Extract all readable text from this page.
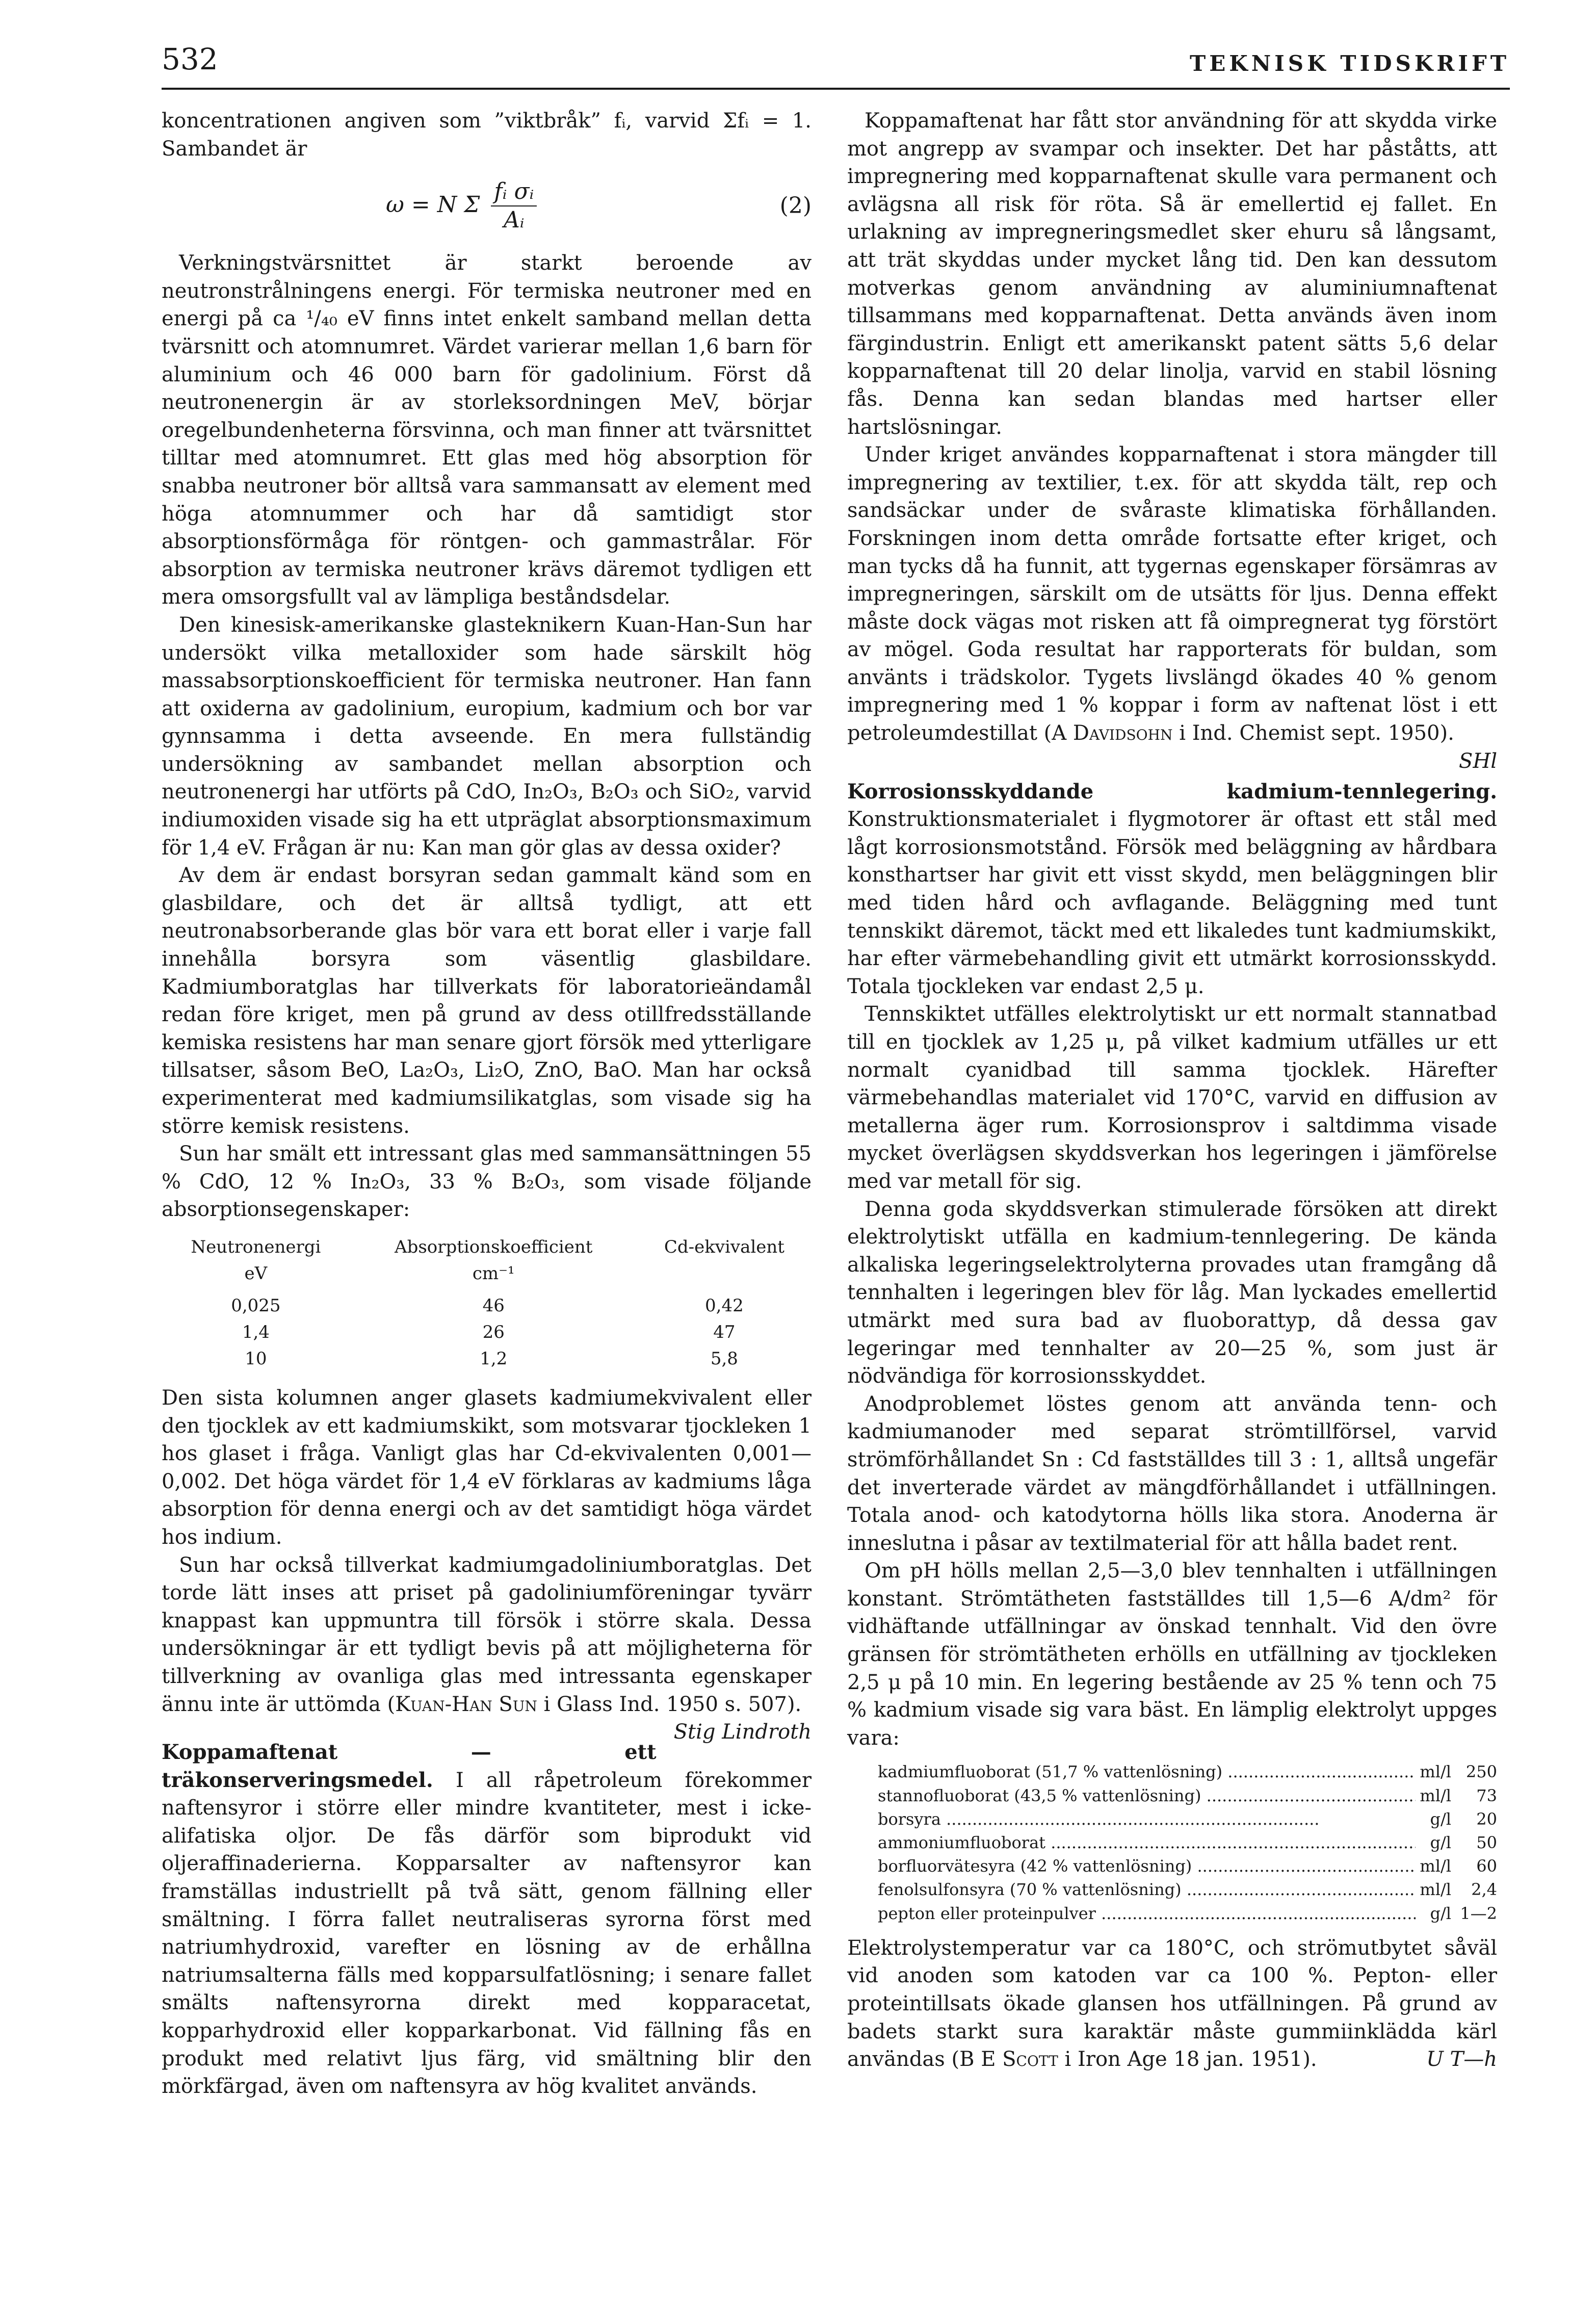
532	TEKNISK TIDSKRIFT

koncentrationen angiven som ”viktbråk” fᵢ, varvid Σfᵢ = 1. Sambandet är

ω = N Σ $\frac{\text{fᵢ σᵢ}}{\text{Aᵢ}}$	(2)

Verkningstvärsnittet är starkt beroende av neutronstrålningens energi. För termiska neutroner med en energi på ca ¹/₄₀ eV finns intet enkelt samband mellan detta tvärsnitt och atomnumret. Värdet varierar mellan 1,6 barn för aluminium och 46 000 barn för gadolinium. Först då neutronenergin är av storleksordningen MeV, börjar oregelbundenheterna försvinna, och man finner att tvärsnittet tilltar med atomnumret. Ett glas med hög absorption för snabba neutroner bör alltså vara sammansatt av element med höga atomnummer och har då samtidigt stor absorptionsförmåga för röntgen- och gammastrålar. För absorption av termiska neutroner krävs däremot tydligen ett mera omsorgsfullt val av lämpliga beståndsdelar.

Den kinesisk-amerikanske glasteknikern Kuan-Han-Sun har undersökt vilka metalloxider som hade särskilt hög massabsorptionskoefficient för termiska neutroner. Han fann att oxiderna av gadolinium, europium, kadmium och bor var gynnsamma i detta avseende. En mera fullständig undersökning av sambandet mellan absorption och neutronenergi har utförts på CdO, In₂O₃, B₂O₃ och SiO₂, varvid indiumoxiden visade sig ha ett utpräglat absorptionsmaximum för 1,4 eV. Frågan är nu: Kan man gör glas av dessa oxider?

Av dem är endast borsyran sedan gammalt känd som en glasbildare, och det är alltså tydligt, att ett neutronabsorberande glas bör vara ett borat eller i varje fall innehålla borsyra som väsentlig glasbildare. Kadmiumboratglas har tillverkats för laboratorieändamål redan före kriget, men på grund av dess otillfredsställande kemiska resistens har man senare gjort försök med ytterligare tillsatser, såsom BeO, La₂O₃, Li₂O, ZnO, BaO. Man har också experimenterat med kadmiumsilikatglas, som visade sig ha större kemisk resistens.

Sun har smält ett intressant glas med sammansättningen 55 % CdO, 12 % In₂O₃, 33 % B₂O₃, som visade följande absorptionsegenskaper:

Neutronenergi	Absorptionskoefficient	Cd-ekvivalent
eV	cm⁻¹	
0,025	46	0,42
1,4	26	47
10	1,2	5,8

Den sista kolumnen anger glasets kadmiumekvivalent eller den tjocklek av ett kadmiumskikt, som motsvarar tjockleken 1 hos glaset i fråga. Vanligt glas har Cd-ekvivalenten 0,001—0,002. Det höga värdet för 1,4 eV förklaras av kadmiums låga absorption för denna energi och av det samtidigt höga värdet hos indium.

Sun har också tillverkat kadmiumgadoliniumboratglas. Det torde lätt inses att priset på gadoliniumföreningar tyvärr knappast kan uppmuntra till försök i större skala. Dessa undersökningar är ett tydligt bevis på att möjligheterna för tillverkning av ovanliga glas med intressanta egenskaper ännu inte är uttömda (Kuan-Han Sun i Glass Ind. 1950 s. 507).
Stig Lindroth

Koppamaftenat — ett träkonserveringsmedel. I all råpetroleum förekommer naftensyror i större eller mindre kvantiteter, mest i icke-alifatiska oljor. De fås därför som biprodukt vid oljeraffinaderierna. Kopparsalter av naftensyror kan framställas industriellt på två sätt, genom fällning eller smältning. I förra fallet neutraliseras syrorna först med natriumhydroxid, varefter en lösning av de erhållna natriumsalterna fälls med kopparsulfatlösning; i senare fallet smälts naftensyrorna direkt med kopparacetat, kopparhydroxid eller kopparkarbonat. Vid fällning fås en produkt med relativt ljus färg, vid smältning blir den mörkfärgad, även om naftensyra av hög kvalitet används.

Koppamaftenat har fått stor användning för att skydda virke mot angrepp av svampar och insekter. Det har påståtts, att impregnering med kopparnaftenat skulle vara permanent och avlägsna all risk för röta. Så är emellertid ej fallet. En urlakning av impregneringsmedlet sker ehuru så långsamt, att trät skyddas under mycket lång tid. Den kan dessutom motverkas genom användning av aluminiumnaftenat tillsammans med kopparnaftenat. Detta används även inom färgindustrin. Enligt ett amerikanskt patent sätts 5,6 delar kopparnaftenat till 20 delar linolja, varvid en stabil lösning fås. Denna kan sedan blandas med hartser eller hartslösningar.

Under kriget användes kopparnaftenat i stora mängder till impregnering av textilier, t.ex. för att skydda tält, rep och sandsäckar under de svåraste klimatiska förhållanden. Forskningen inom detta område fortsatte efter kriget, och man tycks då ha funnit, att tygernas egenskaper försämras av impregneringen, särskilt om de utsätts för ljus. Denna effekt måste dock vägas mot risken att få oimpregnerat tyg förstört av mögel. Goda resultat har rapporterats för buldan, som använts i trädskolor. Tygets livslängd ökades 40 % genom impregnering med 1 % koppar i form av naftenat löst i ett petroleumdestillat (A Davidsohn i Ind. Chemist sept. 1950).
SHl

Korrosionsskyddande kadmium-tennlegering. Konstruktionsmaterialet i flygmotorer är oftast ett stål med lågt korrosionsmotstånd. Försök med beläggning av hårdbara konsthartser har givit ett visst skydd, men beläggningen blir med tiden hård och avflagande. Beläggning med tunt tennskikt däremot, täckt med ett likaledes tunt kadmiumskikt, har efter värmebehandling givit ett utmärkt korrosionsskydd. Totala tjockleken var endast 2,5 μ.

Tennskiktet utfälles elektrolytiskt ur ett normalt stannatbad till en tjocklek av 1,25 μ, på vilket kadmium utfälles ur ett normalt cyanidbad till samma tjocklek. Härefter värmebehandlas materialet vid 170°C, varvid en diffusion av metallerna äger rum. Korrosionsprov i saltdimma visade mycket överlägsen skyddsverkan hos legeringen i jämförelse med var metall för sig.

Denna goda skyddsverkan stimulerade försöken att direkt elektrolytiskt utfälla en kadmium-tennlegering. De kända alkaliska legeringselektrolyterna provades utan framgång då tennhalten i legeringen blev för låg. Man lyckades emellertid utmärkt med sura bad av fluoborattyp, då dessa gav legeringar med tennhalter av 20—25 %, som just är nödvändiga för korrosionsskyddet.

Anodproblemet löstes genom att använda tenn- och kadmiumanoder med separat strömtillförsel, varvid strömförhållandet Sn : Cd fastställdes till 3 : 1, alltså ungefär det inverterade värdet av mängdförhållandet i utfällningen. Totala anod- och katodytorna hölls lika stora. Anoderna är inneslutna i påsar av textilmaterial för att hålla badet rent.

Om pH hölls mellan 2,5—3,0 blev tennhalten i utfällningen konstant. Strömtätheten fastställdes till 1,5—6 A/dm² för vidhäftande utfällningar av önskad tennhalt. Vid den övre gränsen för strömtätheten erhölls en utfällning av tjockleken 2,5 μ på 10 min. En legering bestående av 25 % tenn och 75 % kadmium visade sig vara bäst. En lämplig elektrolyt uppges vara:

kadmiumfluoborat (51,7 % vattenlösning) .....	ml/l 250
stannofluoborat (43,5 % vattenlösning) .....	ml/l	73
borsyra .....	g/l	20
ammoniumfluoborat .....	g/l	50
borfluorvätesyra (42 % vattenlösning) .....	ml/l	60
fenolsulfonsyra (70 % vattenlösning) .....	ml/l	2,4
pepton eller proteinpulver .....	g/l 1—2

Elektrolystemperatur var ca 180°C, och strömutbytet såväl vid anoden som katoden var ca 100 %. Pepton- eller proteintillsats ökade glansen hos utfällningen. På grund av badets starkt sura karaktär måste gummiinklädda kärl användas (B E Scott i Iron Age 18 jan. 1951).	U T—h
